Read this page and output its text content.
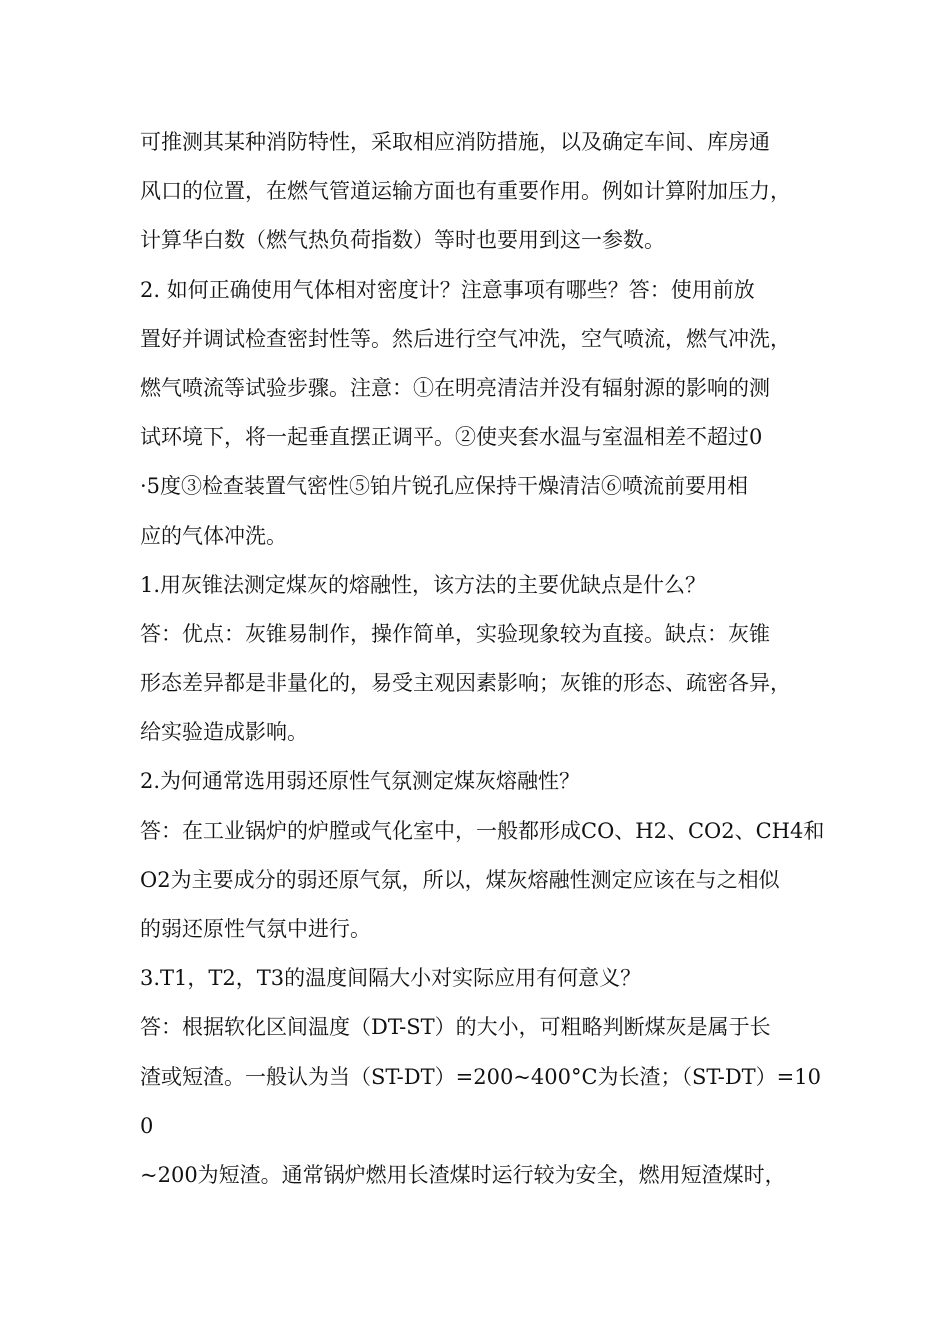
可推测其某种消防特性，采取相应消防措施，以及确定车间、库房通
风口的位置，在燃气管道运输方面也有重要作用。例如计算附加压力，
计算华白数（燃气热负荷指数）等时也要用到这一参数。
2. 如何正确使用气体相对密度计？注意事项有哪些？答：使用前放
置好并调试检查密封性等。然后进行空气冲洗，空气喷流，燃气冲洗，
燃气喷流等试验步骤。注意：①在明亮清洁并没有辐射源的影响的测
试环境下，将一起垂直摆正调平。②使夹套水温与室温相差不超过0
·5度③检查装置气密性⑤铂片锐孔应保持干燥清洁⑥喷流前要用相
应的气体冲洗。
1.用灰锥法测定煤灰的熔融性，该方法的主要优缺点是什么？
答：优点：灰锥易制作，操作简单，实验现象较为直接。缺点：灰锥
形态差异都是非量化的，易受主观因素影响；灰锥的形态、疏密各异，
给实验造成影响。
2.为何通常选用弱还原性气氛测定煤灰熔融性？
答：在工业锅炉的炉膛或气化室中，一般都形成CO、H2、CO2、CH4和
O2为主要成分的弱还原气氛，所以，煤灰熔融性测定应该在与之相似
的弱还原性气氛中进行。
3.T1，T2，T3的温度间隔大小对实际应用有何意义？
答：根据软化区间温度（DT-ST）的大小，可粗略判断煤灰是属于长
渣或短渣。一般认为当（ST-DT）=200~400°C为长渣；（ST-DT）=10
0
~200为短渣。通常锅炉燃用长渣煤时运行较为安全，燃用短渣煤时，
